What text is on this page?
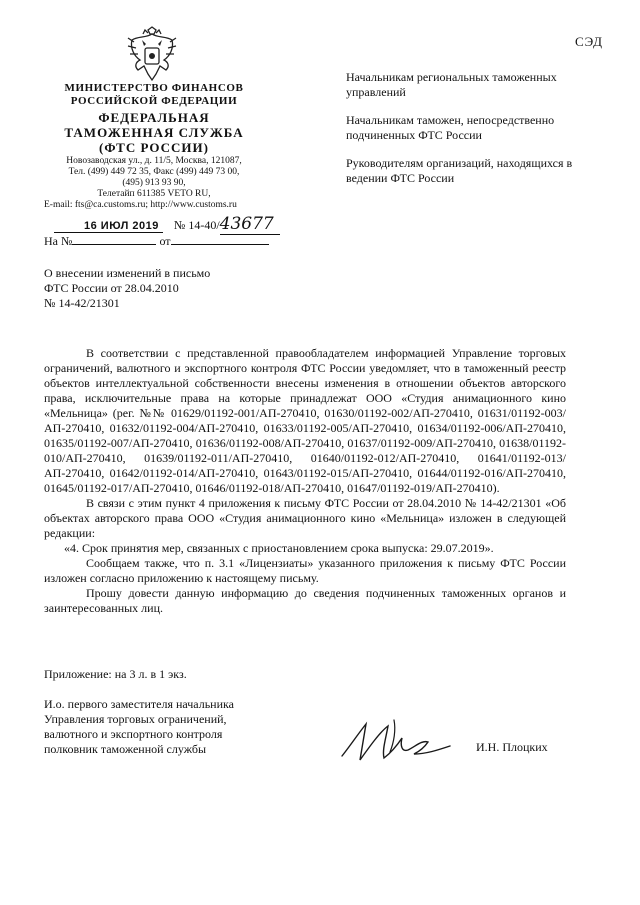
СЭД
МИНИСТЕРСТВО ФИНАНСОВ
РОССИЙСКОЙ ФЕДЕРАЦИИ
ФЕДЕРАЛЬНАЯ
ТАМОЖЕННАЯ СЛУЖБА
(ФТС РОССИИ)
Новозаводская ул., д. 11/5, Москва, 121087,
Тел. (499) 449 72 35, Факс (499) 449 73 00,
(495) 913 93 90,
Телетайп 611385 VETO RU,
E-mail: fts@ca.customs.ru; http://www.customs.ru
16 ИЮЛ 2019 № 14-40/43677
На №	от

Начальникам региональных таможенных управлений

Начальникам таможен, непосредственно подчиненных ФТС России

Руководителям организаций, находящихся в ведении ФТС России

О внесении изменений в письмо
ФТС России от 28.04.2010
№ 14-42/21301

В соответствии с представленной правообладателем информацией Управление торговых ограничений, валютного и экспортного контроля ФТС России уведомляет, что в таможенный реестр объектов интеллектуальной собственности внесены изменения в отношении объектов авторского права, исключительные права на которые принадлежат ООО «Студия анимационного кино «Мельница» (рег. №№ 01629/01192-001/АП-270410, 01630/01192-002/АП-270410, 01631/01192-003/АП-270410, 01632/01192-004/АП-270410, 01633/01192-005/АП-270410, 01634/01192-006/АП-270410, 01635/01192-007/АП-270410, 01636/01192-008/АП-270410, 01637/01192-009/АП-270410, 01638/01192-010/АП-270410, 01639/01192-011/АП-270410, 01640/01192-012/АП-270410, 01641/01192-013/АП-270410, 01642/01192-014/АП-270410, 01643/01192-015/АП-270410, 01644/01192-016/АП-270410, 01645/01192-017/АП-270410, 01646/01192-018/АП-270410, 01647/01192-019/АП-270410).

В связи с этим пункт 4 приложения к письму ФТС России от 28.04.2010 № 14-42/21301 «Об объектах авторского права ООО «Студия анимационного кино «Мельница» изложен в следующей редакции:

«4. Срок принятия мер, связанных с приостановлением срока выпуска: 29.07.2019».

Сообщаем также, что п. 3.1 «Лицензиаты» указанного приложения к письму ФТС России изложен согласно приложению к настоящему письму.

Прошу довести данную информацию до сведения подчиненных таможенных органов и заинтересованных лиц.

Приложение: на 3 л. в 1 экз.
И.о. первого заместителя начальника
Управления торговых ограничений,
валютного и экспортного контроля
полковник таможенной службы	И.Н. Плоцких
